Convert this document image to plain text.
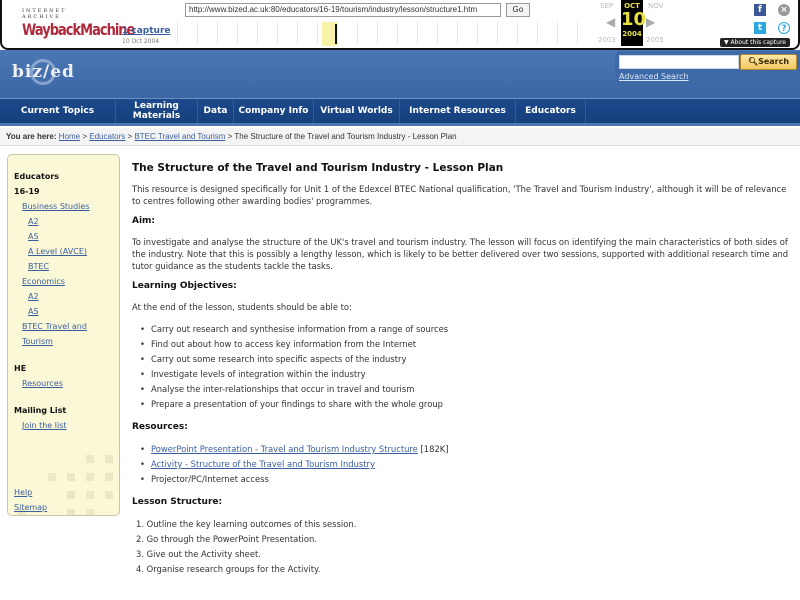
INTERNET ARCHIVE
WaybackMachine
1 capture
10 Oct 2004
http://www.bized.ac.uk:80/educators/16-19/tourism/industry/lesson/structure1.htm	Go	SEP
2003
◀
OCT
10
2004
▶
NOV
2005
f	×
t	?
▼ About this capture
biz/ed
🔍︎Search
Advanced Search
Current Topics	Learning Materials	Data	Company Info	Virtual Worlds	Internet Resources	Educators
You are here: Home > Educators > BTEC Travel and Tourism > The Structure of the Travel and Tourism Industry - Lesson Plan
Educators
16-19
Business Studies
A2
AS
A Level (AVCE)
BTEC
Economics
A2
AS
BTEC Travel and
Tourism
HE
Resources
Mailing List
Join the list
Help
Sitemap
The Structure of the Travel and Tourism Industry - Lesson Plan

This resource is designed specifically for Unit 1 of the Edexcel BTEC National qualification, 'The Travel and Tourism Industry', although it will be of relevance to centres following other awarding bodies' programmes.

Aim:

To investigate and analyse the structure of the UK's travel and tourism industry. The lesson will focus on identifying the main characteristics of both sides of the industry. Note that this is possibly a lengthy lesson, which is likely to be better delivered over two sessions, supported with additional research time and tutor guidance as the students tackle the tasks.

Learning Objectives:

At the end of the lesson, students should be able to:

• Carry out research and synthesise information from a range of sources
• Find out about how to access key information from the Internet
• Carry out some research into specific aspects of the industry
• Investigate levels of integration within the industry
• Analyse the inter-relationships that occur in travel and tourism
• Prepare a presentation of your findings to share with the whole group
Resources:
• PowerPoint Presentation - Travel and Tourism Industry Structure [182K]
• Activity - Structure of the Travel and Tourism Industry
• Projector/PC/Internet access
Lesson Structure:
1. Outline the key learning outcomes of this session.
2. Go through the PowerPoint Presentation.
3. Give out the Activity sheet.
4. Organise research groups for the Activity.
